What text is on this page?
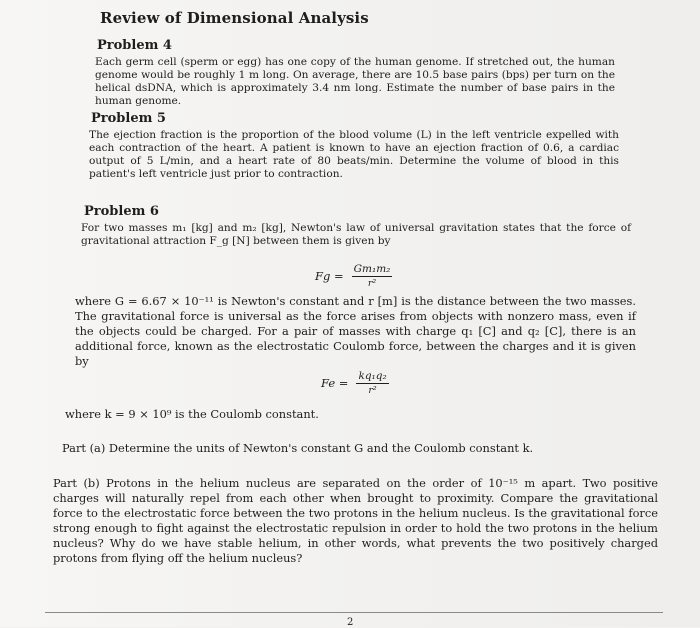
Review of Dimensional Analysis
Problem 4
Each germ cell (sperm or egg) has one copy of the human genome. If stretched out, the human genome would be roughly 1 m long. On average, there are 10.5 base pairs (bps) per turn on the helical dsDNA, which is approximately 3.4 nm long. Estimate the number of base pairs in the human genome.
Problem 5
The ejection fraction is the proportion of the blood volume (L) in the left ventricle expelled with each contraction of the heart. A patient is known to have an ejection fraction of 0.6, a cardiac output of 5 L/min, and a heart rate of 80 beats/min. Determine the volume of blood in this patient's left ventricle just prior to contraction.
Problem 6
For two masses m₁ [kg] and m₂ [kg], Newton's law of universal gravitation states that the force of gravitational attraction F_g [N] between them is given by
$Fg = \frac{\text{Gm₁m₂}}{\text{r²}}$
where G = 6.67 × 10⁻¹¹ is Newton's constant and r [m] is the distance between the two masses. The gravitational force is universal as the force arises from objects with nonzero mass, even if the objects could be charged. For a pair of masses with charge q₁ [C] and q₂ [C], there is an additional force, known as the electrostatic Coulomb force, between the charges and it is given by
$Fe = \frac{\text{kq₁q₂}}{\text{r²}}$
where k = 9 × 10⁹ is the Coulomb constant.
Part (a) Determine the units of Newton's constant G and the Coulomb constant k.
Part (b) Protons in the helium nucleus are separated on the order of 10⁻¹⁵ m apart. Two positive charges will naturally repel from each other when brought to proximity. Compare the gravitational force to the electrostatic force between the two protons in the helium nucleus. Is the gravitational force strong enough to fight against the electrostatic repulsion in order to hold the two protons in the helium nucleus? Why do we have stable helium, in other words, what prevents the two positively charged protons from flying off the helium nucleus?
2
